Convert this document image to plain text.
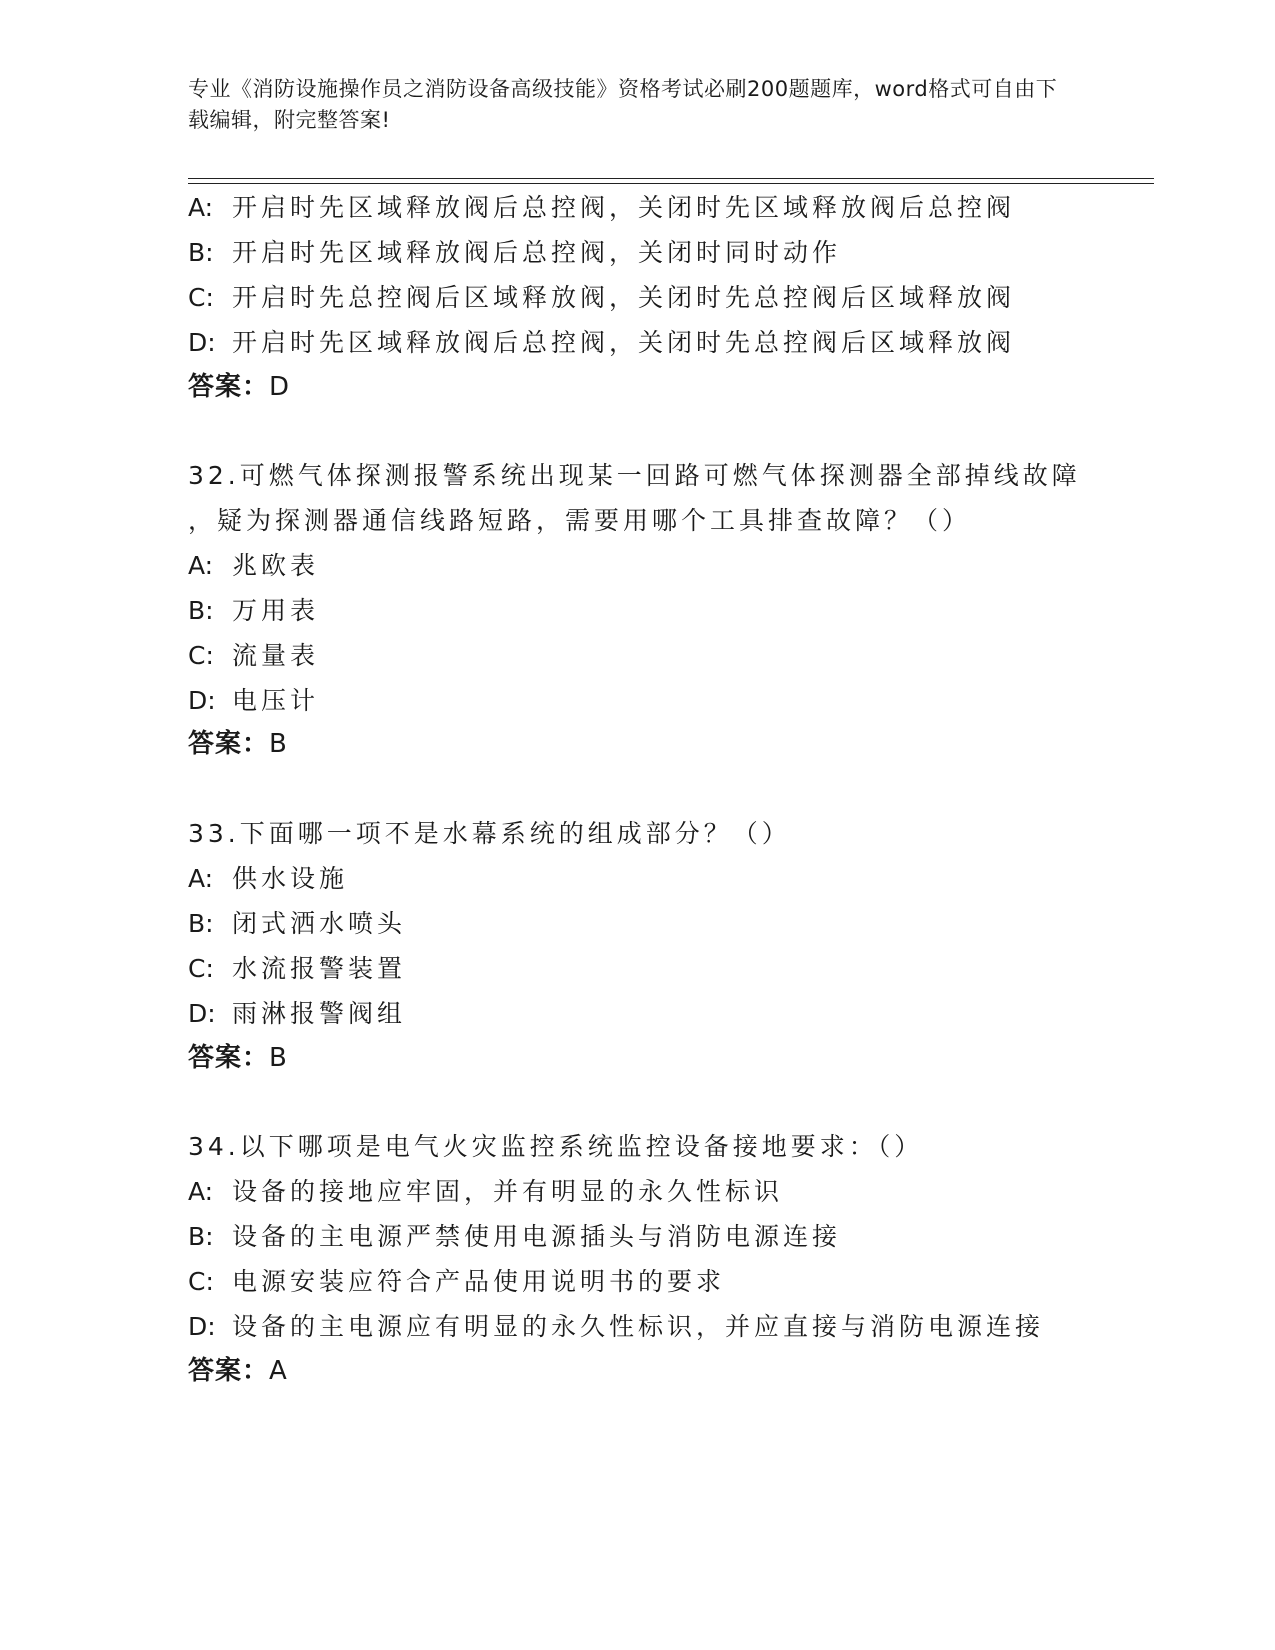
专业《消防设施操作员之消防设备高级技能》资格考试必刷200题题库，word格式可自由下载编辑，附完整答案!
A: 开启时先区域释放阀后总控阀，关闭时先区域释放阀后总控阀
B: 开启时先区域释放阀后总控阀，关闭时同时动作
C: 开启时先总控阀后区域释放阀，关闭时先总控阀后区域释放阀
D: 开启时先区域释放阀后总控阀，关闭时先总控阀后区域释放阀
答案：D
32.可燃气体探测报警系统出现某一回路可燃气体探测器全部掉线故障
，疑为探测器通信线路短路，需要用哪个工具排查故障？（）
A: 兆欧表
B: 万用表
C: 流量表
D: 电压计
答案：B
33.下面哪一项不是水幕系统的组成部分？（）
A: 供水设施
B: 闭式洒水喷头
C: 水流报警装置
D: 雨淋报警阀组
答案：B
34.以下哪项是电气火灾监控系统监控设备接地要求：（）
A: 设备的接地应牢固，并有明显的永久性标识
B: 设备的主电源严禁使用电源插头与消防电源连接
C: 电源安装应符合产品使用说明书的要求
D: 设备的主电源应有明显的永久性标识，并应直接与消防电源连接
答案：A
